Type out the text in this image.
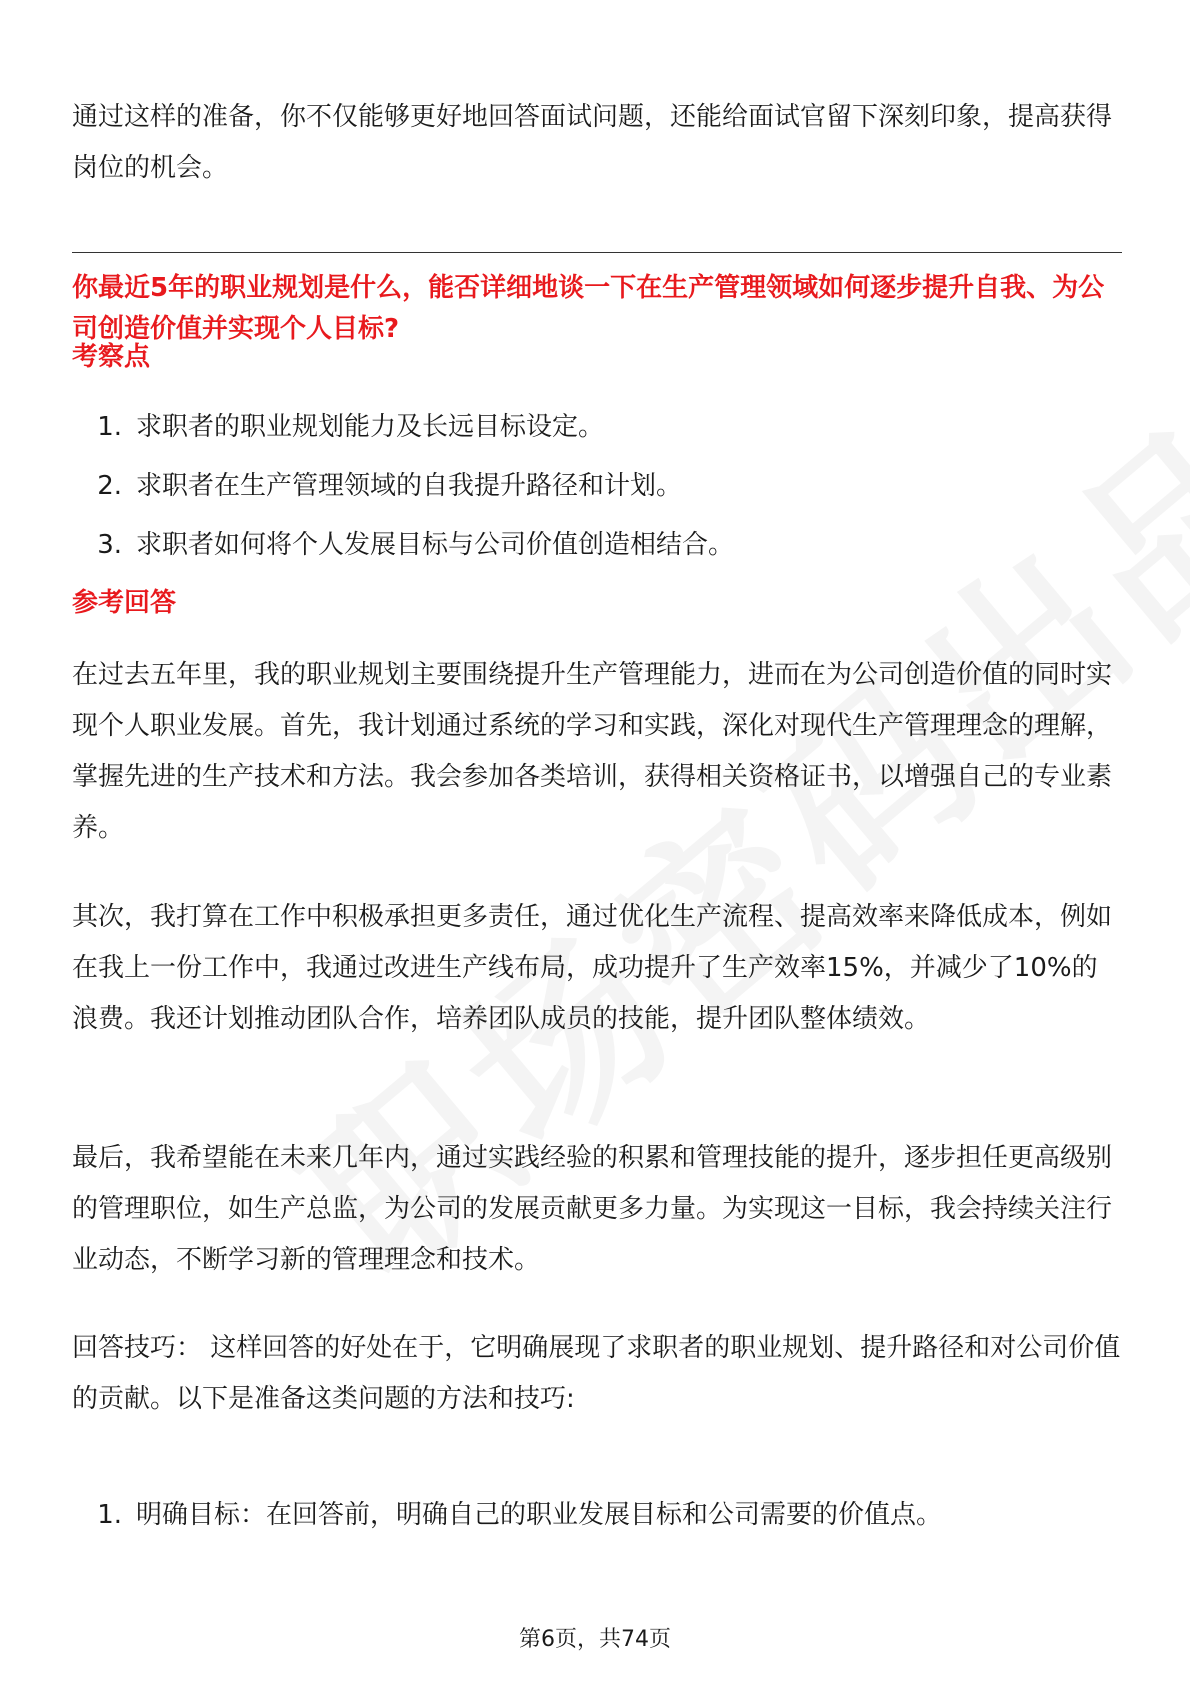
通过这样的准备，你不仅能够更好地回答面试问题，还能给面试官留下深刻印象，提高获得岗位的机会。

你最近5年的职业规划是什么，能否详细地谈一下在生产管理领域如何逐步提升自我、为公司创造价值并实现个人目标?
考察点
1. 求职者的职业规划能力及长远目标设定。
2. 求职者在生产管理领域的自我提升路径和计划。
3. 求职者如何将个人发展目标与公司价值创造相结合。
参考回答

在过去五年里，我的职业规划主要围绕提升生产管理能力，进而在为公司创造价值的同时实现个人职业发展。首先，我计划通过系统的学习和实践，深化对现代生产管理理念的理解，掌握先进的生产技术和方法。我会参加各类培训，获得相关资格证书，以增强自己的专业素养。

其次，我打算在工作中积极承担更多责任，通过优化生产流程、提高效率来降低成本，例如在我上一份工作中，我通过改进生产线布局，成功提升了生产效率15%，并减少了10%的浪费。我还计划推动团队合作，培养团队成员的技能，提升团队整体绩效。

最后，我希望能在未来几年内，通过实践经验的积累和管理技能的提升，逐步担任更高级别的管理职位，如生产总监，为公司的发展贡献更多力量。为实现这一目标，我会持续关注行业动态，不断学习新的管理理念和技术。

回答技巧： 这样回答的好处在于，它明确展现了求职者的职业规划、提升路径和对公司价值的贡献。以下是准备这类问题的方法和技巧:

1. 明确目标：在回答前，明确自己的职业发展目标和公司需要的价值点。
第6页，共74页
